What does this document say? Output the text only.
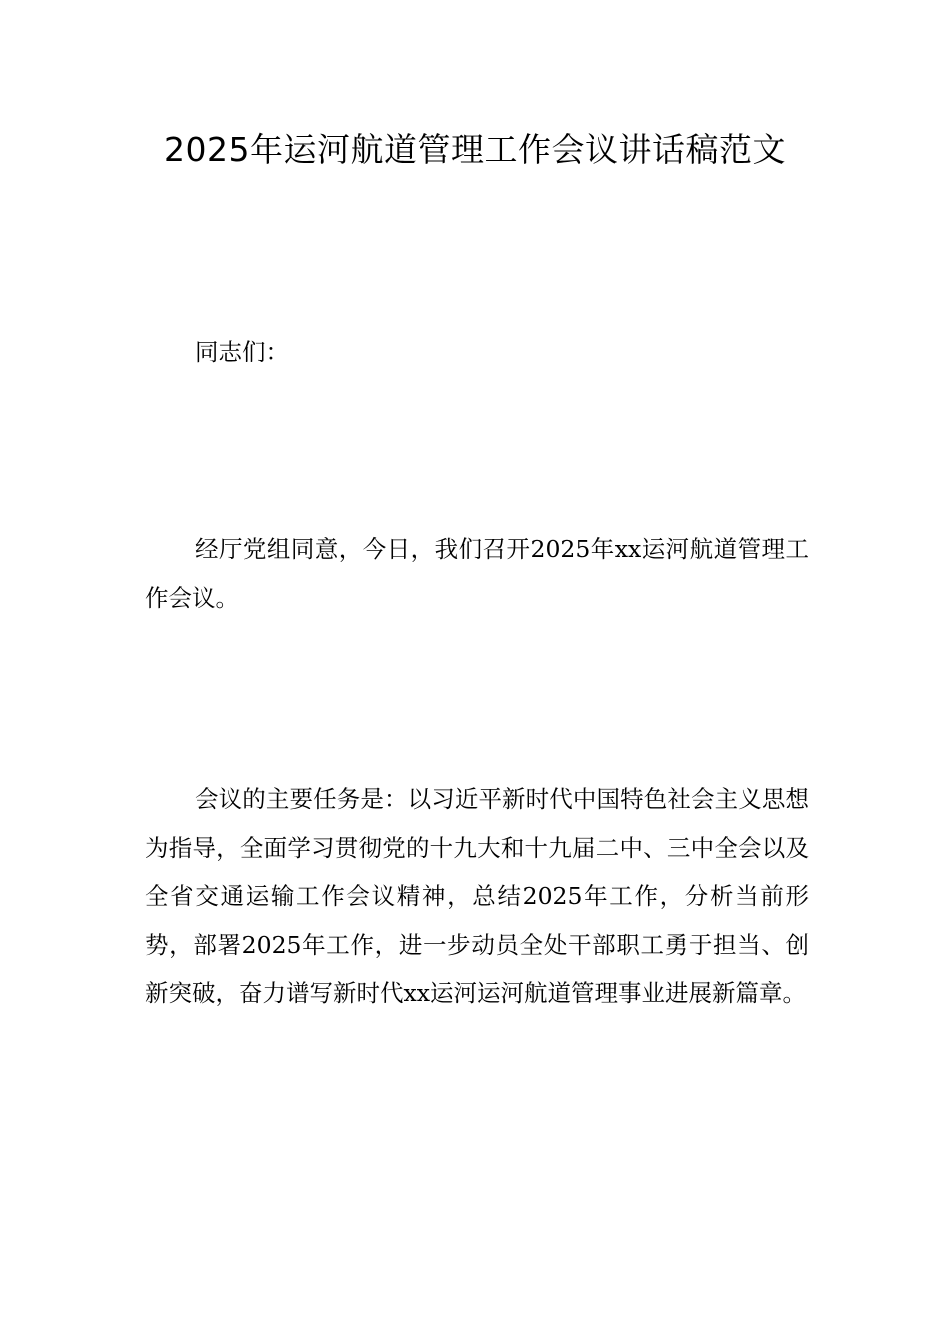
2025年运河航道管理工作会议讲话稿范文

同志们：

经厅党组同意，今日，我们召开2025年xx运河航道管理工作会议。

会议的主要任务是：以习近平新时代中国特色社会主义思想为指导，全面学习贯彻党的十九大和十九届二中、三中全会以及全省交通运输工作会议精神，总结2025年工作，分析当前形势，部署2025年工作，进一步动员全处干部职工勇于担当、创新突破，奋力谱写新时代xx运河运河航道管理事业进展新篇章。
